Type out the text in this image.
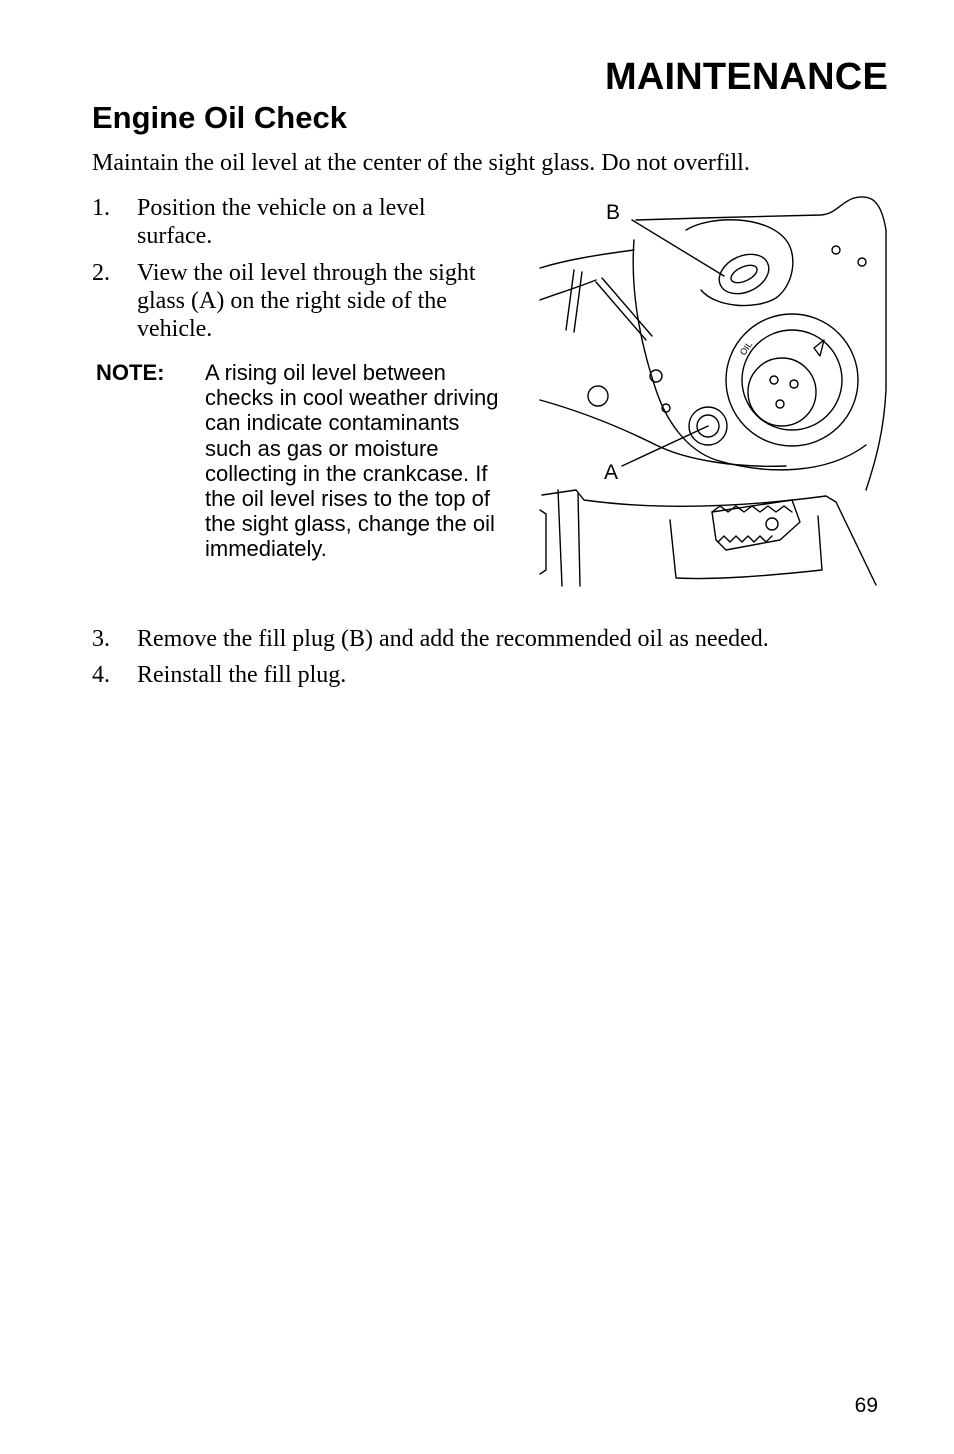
MAINTENANCE
Engine Oil Check

Maintain the oil level at the center of the sight glass. Do not overfill.

1.	Position the vehicle on a level surface.
2.	View the oil level through the sight glass (A) on the right side of the vehicle.
NOTE: A rising oil level between checks in cool weather driving can indicate contaminants such as gas or moisture collecting in the crankcase. If the oil level rises to the top of the sight glass, change the oil immediately.

OIL
B
A
3.	Remove the fill plug (B) and add the recommended oil as needed.
4.	Reinstall the fill plug.
69
